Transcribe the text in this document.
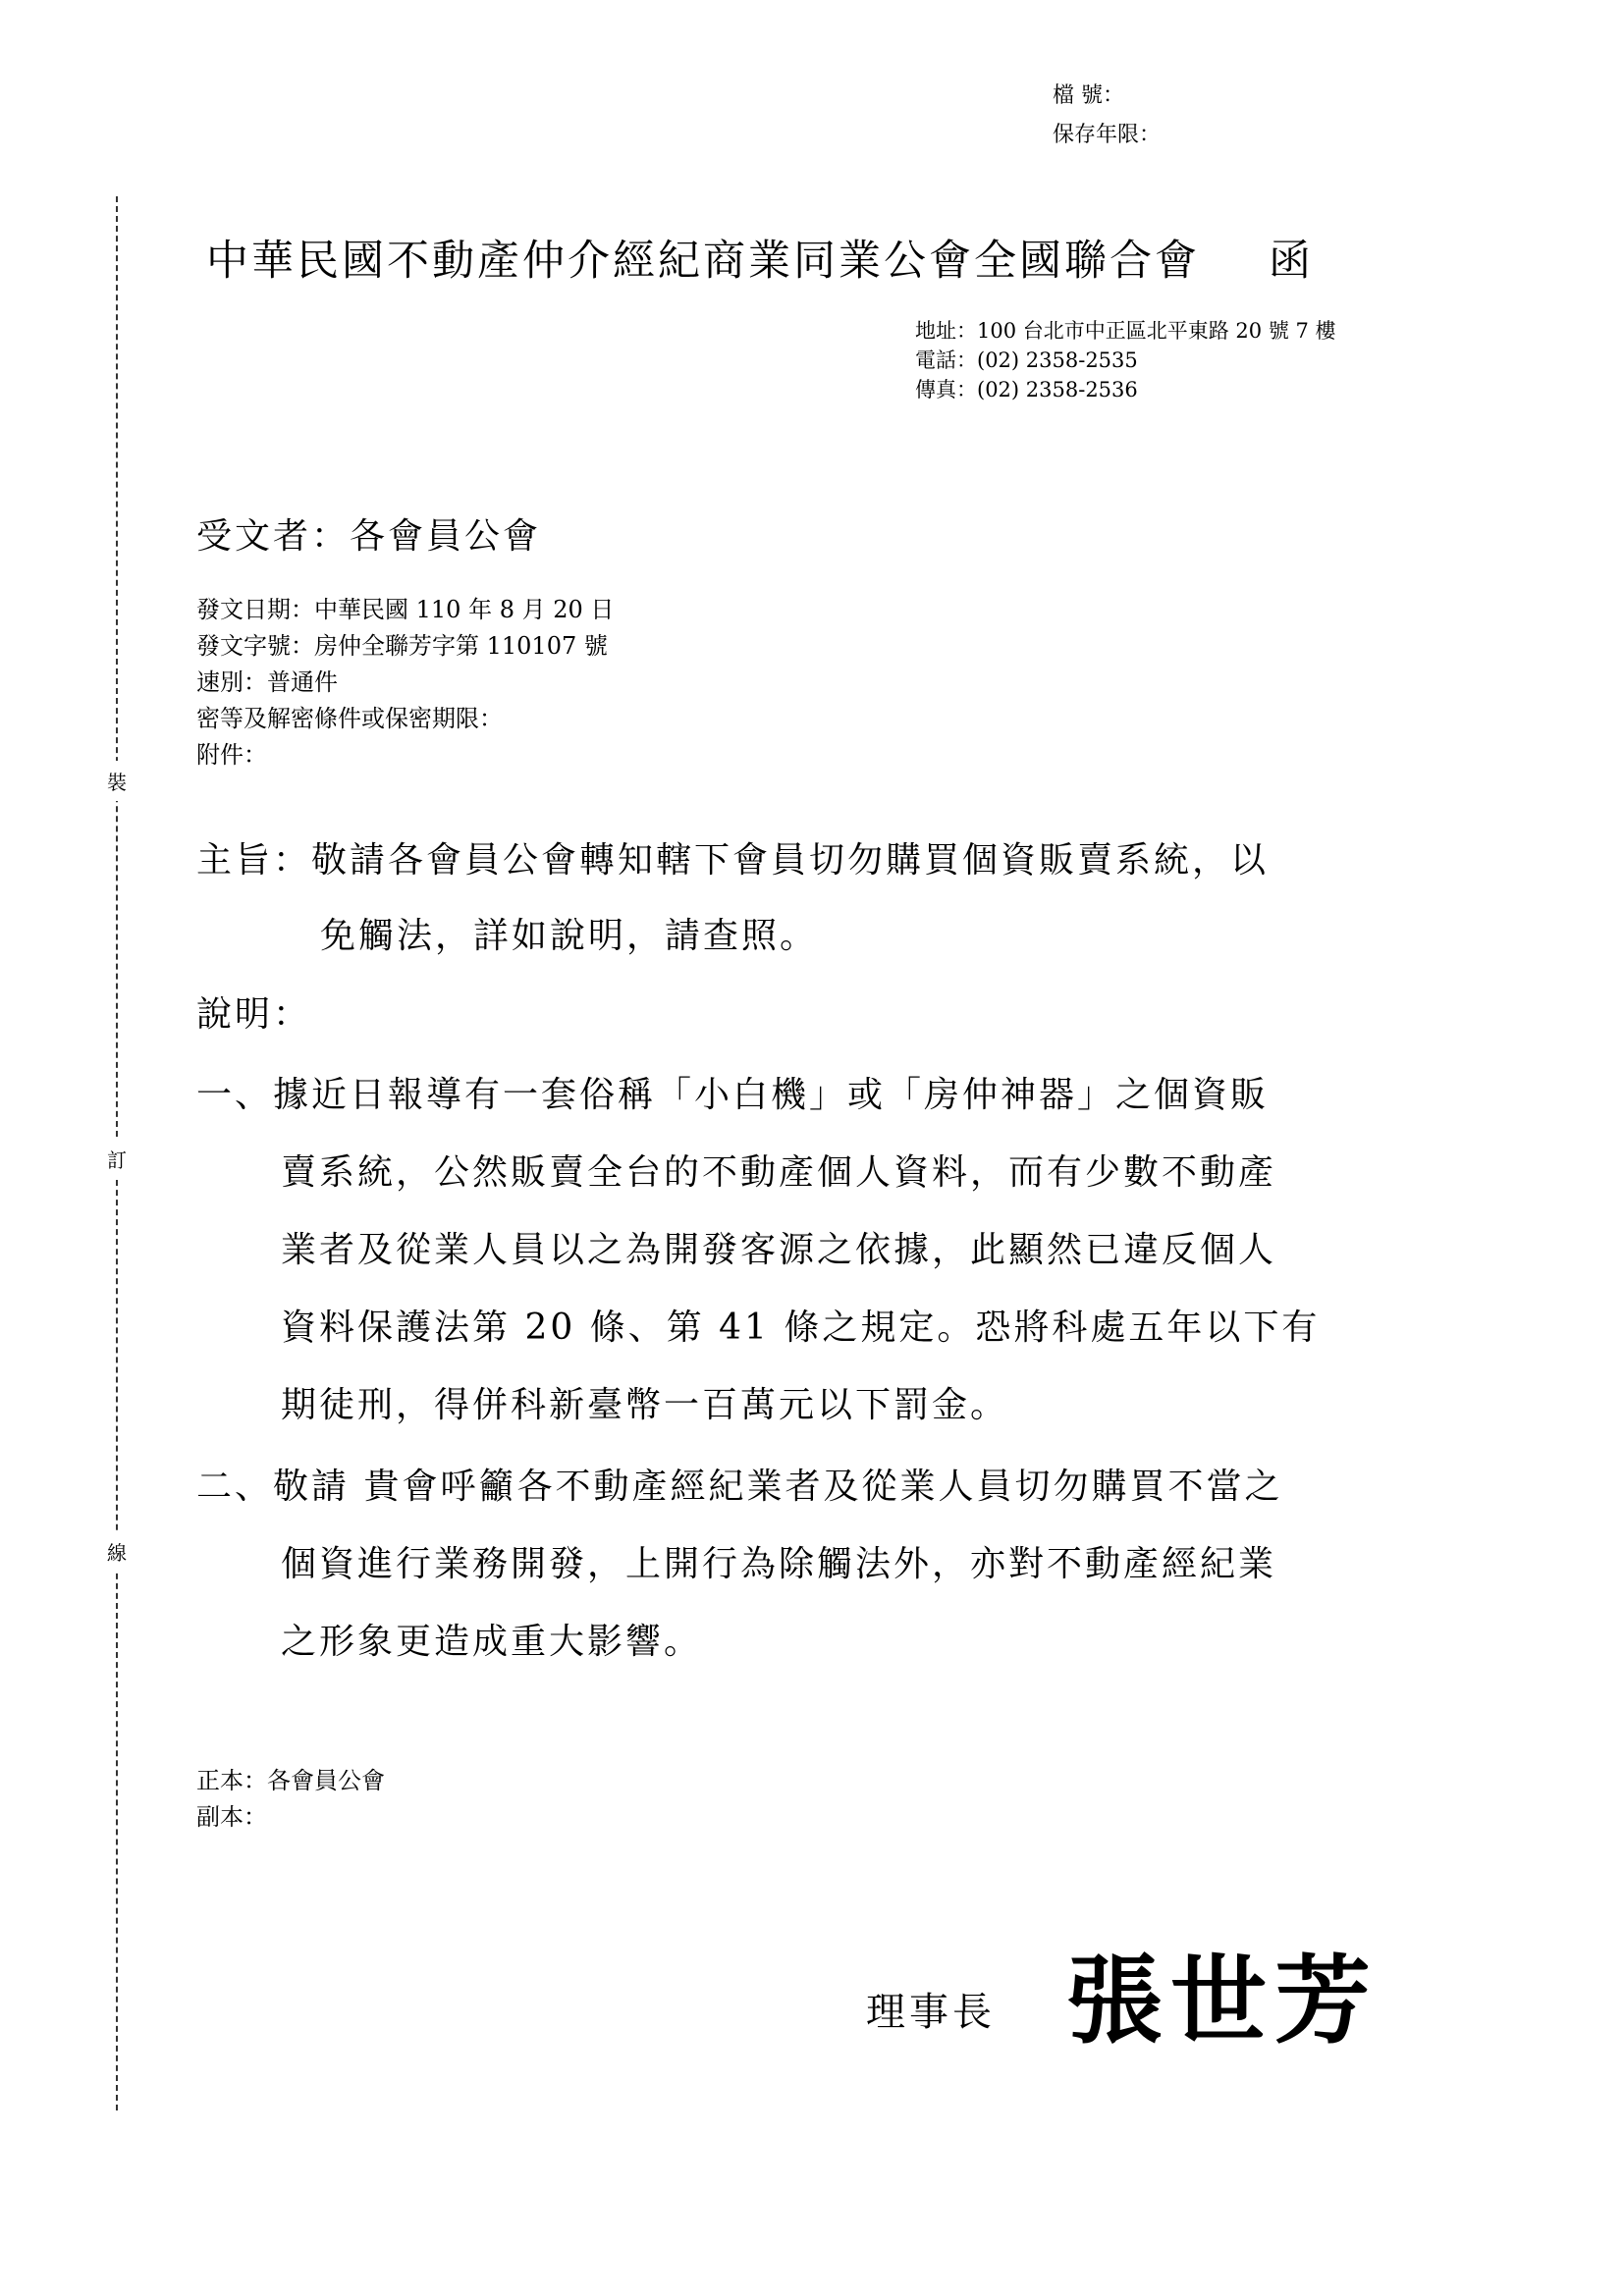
檔 號：
保存年限：
裝
訂
線
中華民國不動產仲介經紀商業同業公會全國聯合會 函
地址：100 台北市中正區北平東路 20 號 7 樓
電話：(02) 2358-2535
傳真：(02) 2358-2536
受文者：各會員公會
發文日期：中華民國 110 年 8 月 20 日
發文字號：房仲全聯芳字第 110107 號
速別：普通件
密等及解密條件或保密期限：
附件：
主旨：敬請各會員公會轉知轄下會員切勿購買個資販賣系統，以
免觸法，詳如說明，請查照。
說明：
一、據近日報導有一套俗稱「小白機」或「房仲神器」之個資販
賣系統，公然販賣全台的不動產個人資料，而有少數不動產
業者及從業人員以之為開發客源之依據，此顯然已違反個人
資料保護法第 20 條、第 41 條之規定。恐將科處五年以下有
期徒刑，得併科新臺幣一百萬元以下罰金。
二、敬請 貴會呼籲各不動產經紀業者及從業人員切勿購買不當之
個資進行業務開發，上開行為除觸法外，亦對不動產經紀業
之形象更造成重大影響。
正本：各會員公會
副本：
理事長 張世芳
